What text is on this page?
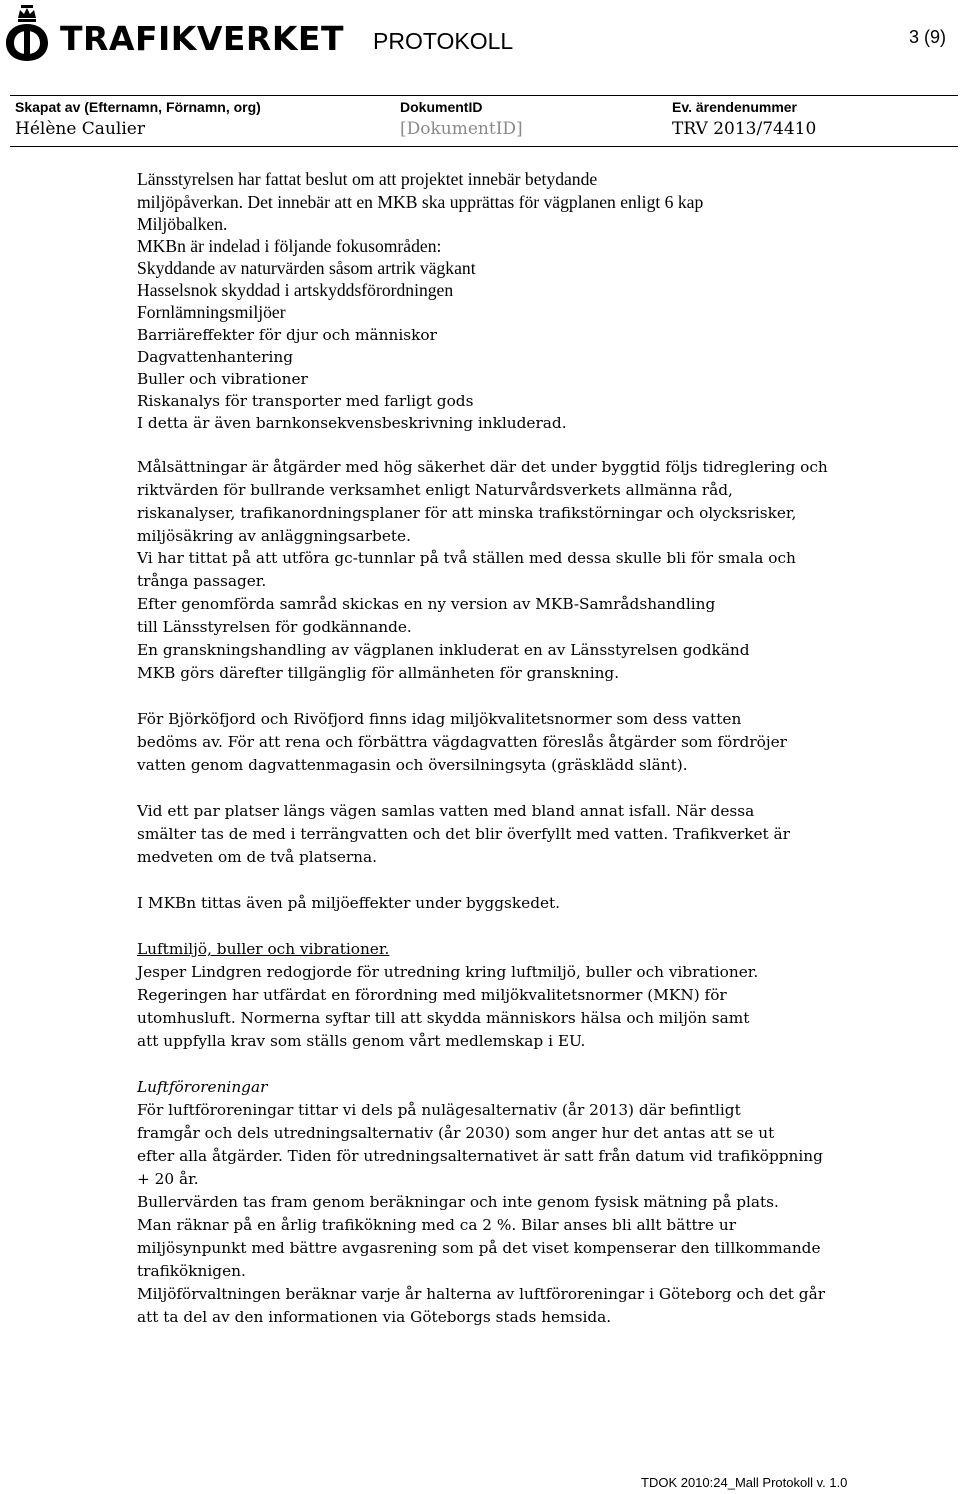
TRAFIKVERKET PROTOKOLL	3 (9)
Skapat av (Efternamn, Förnamn, org)
Hélène Caulier
DokumentID
[DokumentID]
Ev. ärendenummer
TRV 2013/74410
Länsstyrelsen har fattat beslut om att projektet innebär betydande
miljöpåverkan. Det innebär att en MKB ska upprättas för vägplanen enligt 6 kap
Miljöbalken.
MKBn är indelad i följande fokusområden:
Skyddande av naturvärden såsom artrik vägkant
Hasselsnok skyddad i artskyddsförordningen
Fornlämningsmiljöer
Barriäreffekter för djur och människor
Dagvattenhantering
Buller och vibrationer
Riskanalys för transporter med farligt gods
I detta är även barnkonsekvensbeskrivning inkluderad.
Målsättningar är åtgärder med hög säkerhet där det under byggtid följs tidreglering och
riktvärden för bullrande verksamhet enligt Naturvårdsverkets allmänna råd,
riskanalyser, trafikanordningsplaner för att minska trafikstörningar och olycksrisker,
miljösäkring av anläggningsarbete.
Vi har tittat på att utföra gc-tunnlar på två ställen med dessa skulle bli för smala och
trånga passager.
Efter genomförda samråd skickas en ny version av MKB-Samrådshandling
till Länsstyrelsen för godkännande.
En granskningshandling av vägplanen inkluderat en av Länsstyrelsen godkänd
MKB görs därefter tillgänglig för allmänheten för granskning.
För Björköfjord och Rivöfjord finns idag miljökvalitetsnormer som dess vatten
bedöms av. För att rena och förbättra vägdagvatten föreslås åtgärder som fördröjer
vatten genom dagvattenmagasin och översilningsyta (gräsklädd slänt).
Vid ett par platser längs vägen samlas vatten med bland annat isfall. När dessa
smälter tas de med i terrängvatten och det blir överfyllt med vatten. Trafikverket är
medveten om de två platserna.
I MKBn tittas även på miljöeffekter under byggskedet.
Luftmiljö, buller och vibrationer.
Jesper Lindgren redogjorde för utredning kring luftmiljö, buller och vibrationer.
Regeringen har utfärdat en förordning med miljökvalitetsnormer (MKN) för
utomhusluft. Normerna syftar till att skydda människors hälsa och miljön samt
att uppfylla krav som ställs genom vårt medlemskap i EU.
Luftföroreningar
För luftföroreningar tittar vi dels på nulägesalternativ (år 2013) där befintligt
framgår och dels utredningsalternativ (år 2030) som anger hur det antas att se ut
efter alla åtgärder. Tiden för utredningsalternativet är satt från datum vid trafiköppning
+ 20 år.
Bullervärden tas fram genom beräkningar och inte genom fysisk mätning på plats.
Man räknar på en årlig trafikökning med ca 2 %. Bilar anses bli allt bättre ur
miljösynpunkt med bättre avgasrening som på det viset kompenserar den tillkommande
trafiköknigen.
Miljöförvaltningen beräknar varje år halterna av luftföroreningar i Göteborg och det går
att ta del av den informationen via Göteborgs stads hemsida.
TDOK 2010:24_Mall Protokoll v. 1.0
